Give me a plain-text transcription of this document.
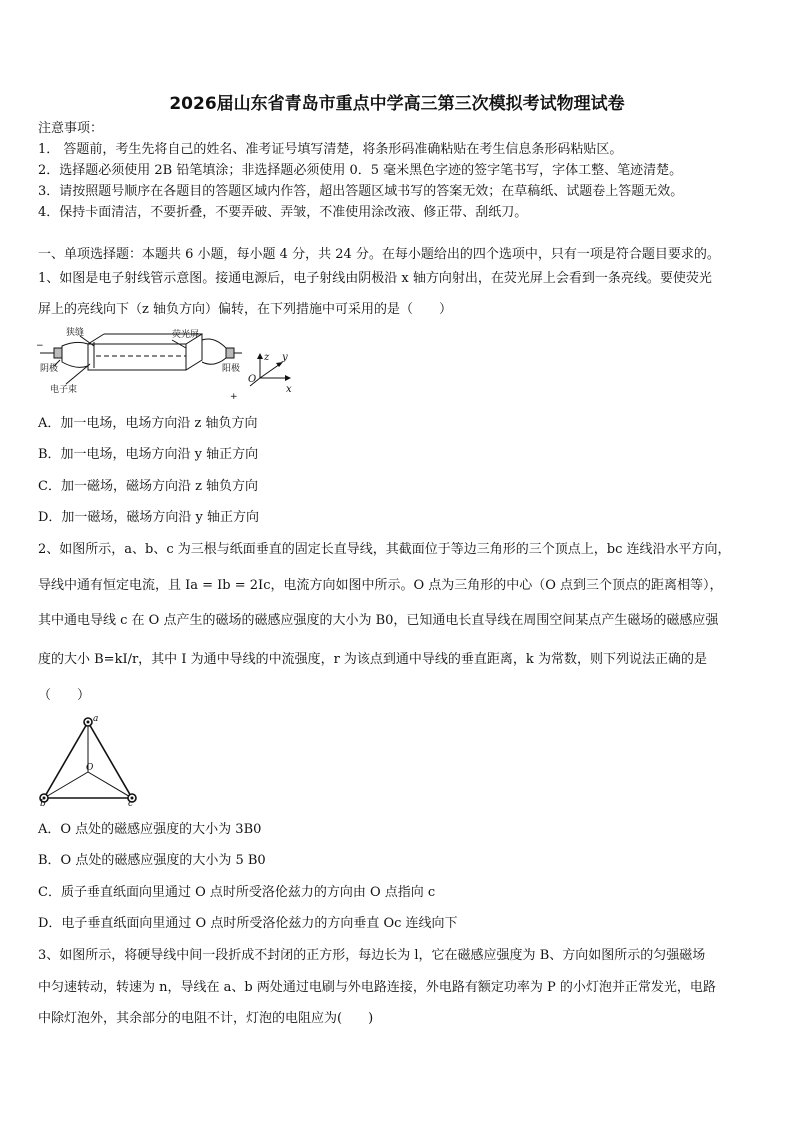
2026届山东省青岛市重点中学高三第三次模拟考试物理试卷
注意事项：
1． 答题前，考生先将自己的姓名、准考证号填写清楚，将条形码准确粘贴在考生信息条形码粘贴区。
2．选择题必须使用 2B 铅笔填涂；非选择题必须使用 0．5 毫米黑色字迹的签字笔书写，字体工整、笔迹清楚。
3．请按照题号顺序在各题目的答题区域内作答，超出答题区域书写的答案无效；在草稿纸、试题卷上答题无效。
4．保持卡面清洁，不要折叠，不要弄破、弄皱，不准使用涂改液、修正带、刮纸刀。
一、单项选择题：本题共 6 小题，每小题 4 分，共 24 分。在每小题给出的四个选项中，只有一项是符合题目要求的。
1、如图是电子射线管示意图。接通电源后，电子射线由阴极沿 x 轴方向射出，在荧光屏上会看到一条亮线。要使荧光
屏上的亮线向下（z 轴负方向）偏转，在下列措施中可采用的是（　　）
狭缝	荧光屏
阴极
电子束
阳极
−
+
z y
x
O
A．加一电场，电场方向沿 z 轴负方向
B．加一电场，电场方向沿 y 轴正方向
C．加一磁场，磁场方向沿 z 轴负方向
D．加一磁场，磁场方向沿 y 轴正方向
2、如图所示，a、b、c 为三根与纸面垂直的固定长直导线，其截面位于等边三角形的三个顶点上，bc 连线沿水平方向，
导线中通有恒定电流，且 Ia = Ib = 2Ic，电流方向如图中所示。O 点为三角形的中心（O 点到三个顶点的距离相等），
其中通电导线 c 在 O 点产生的磁场的磁感应强度的大小为 B0，已知通电长直导线在周围空间某点产生磁场的磁感应强
度的大小 B=kI/r，其中 I 为通中导线的中流强度，r 为该点到通中导线的垂直距离，k 为常数，则下列说法正确的是
（　　）
a
b	c
O
A．O 点处的磁感应强度的大小为 3B0
B．O 点处的磁感应强度的大小为 5 B0
C．质子垂直纸面向里通过 O 点时所受洛伦兹力的方向由 O 点指向 c
D．电子垂直纸面向里通过 O 点时所受洛伦兹力的方向垂直 Oc 连线向下
3、如图所示，将硬导线中间一段折成不封闭的正方形，每边长为 l，它在磁感应强度为 B、方向如图所示的匀强磁场
中匀速转动，转速为 n，导线在 a、b 两处通过电刷与外电路连接，外电路有额定功率为 P 的小灯泡并正常发光，电路
中除灯泡外，其余部分的电阻不计，灯泡的电阻应为(　　)
